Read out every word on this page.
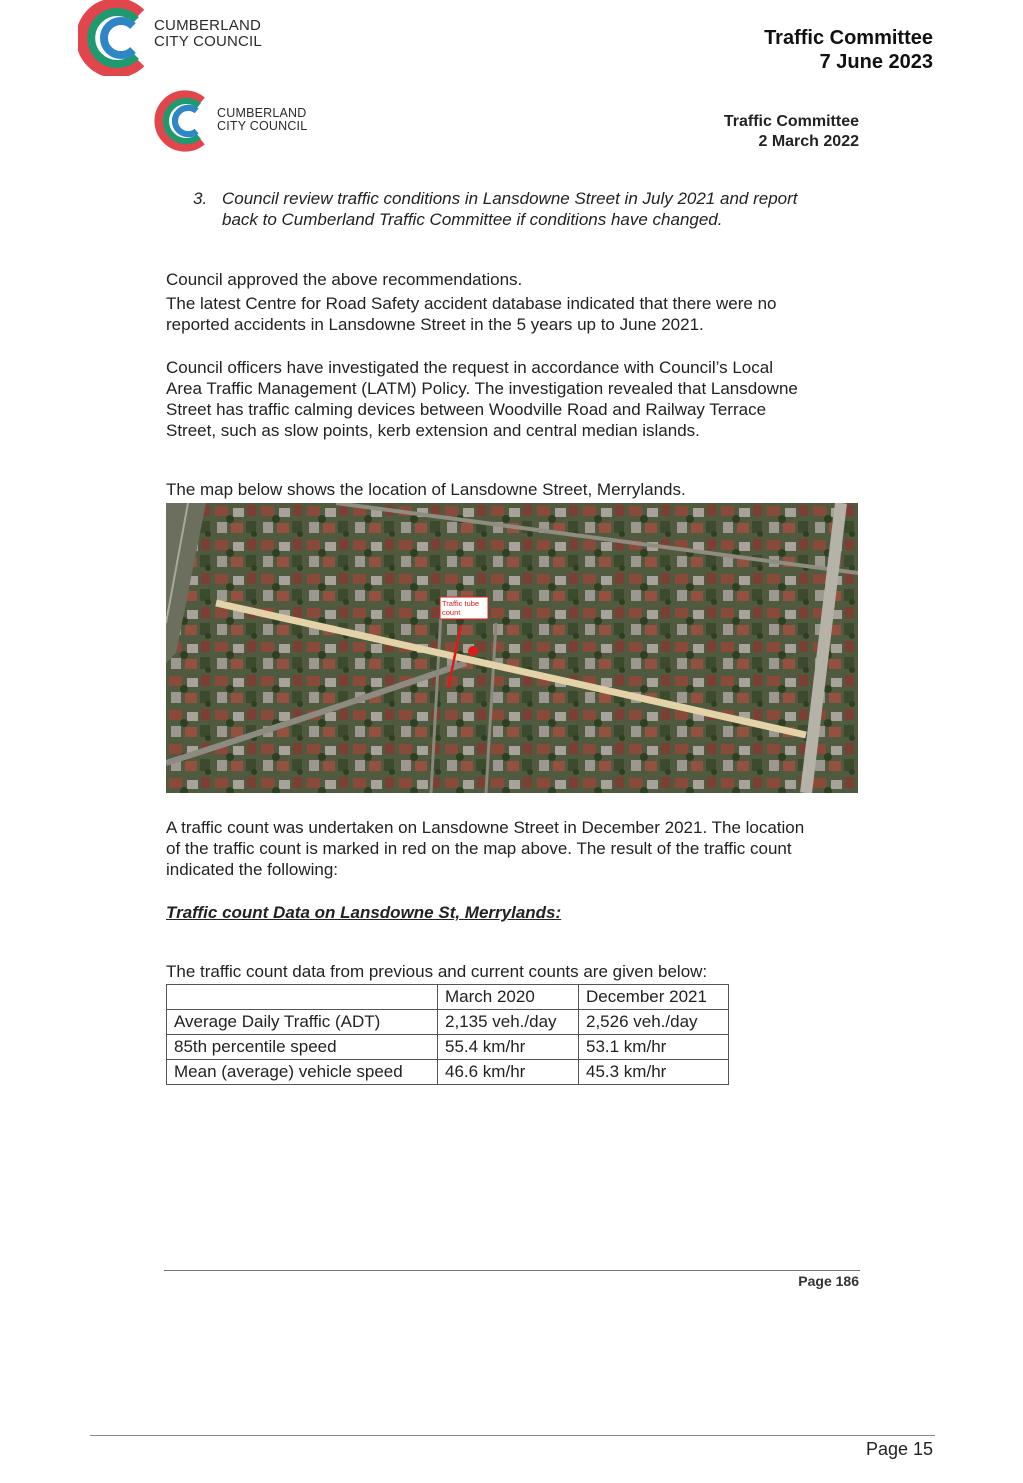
CUMBERLAND
CITY COUNCIL	Traffic Committee
7 June 2023
CUMBERLAND
CITY COUNCIL	Traffic Committee
2 March 2022
3. Council review traffic conditions in Lansdowne Street in July 2021 and report
back to Cumberland Traffic Committee if conditions have changed.

Council approved the above recommendations.

The latest Centre for Road Safety accident database indicated that there were no
reported accidents in Lansdowne Street in the 5 years up to June 2021.
Council officers have investigated the request in accordance with Council’s Local
Area Traffic Management (LATM) Policy. The investigation revealed that Lansdowne
Street has traffic calming devices between Woodville Road and Railway Terrace
Street, such as slow points, kerb extension and central median islands.

The map below shows the location of Lansdowne Street, Merrylands.

Traffic tube
count
A traffic count was undertaken on Lansdowne Street in December 2021. The location
of the traffic count is marked in red on the map above. The result of the traffic count
indicated the following:
Traffic count Data on Lansdowne St, Merrylands:

The traffic count data from previous and current counts are given below:

	March 2020	December 2021
Average Daily Traffic (ADT)	2,135 veh./day	2,526 veh./day
85th percentile speed	55.4 km/hr	53.1 km/hr
Mean (average) vehicle speed	46.6 km/hr	45.3 km/hr
Page 186
Page 15
